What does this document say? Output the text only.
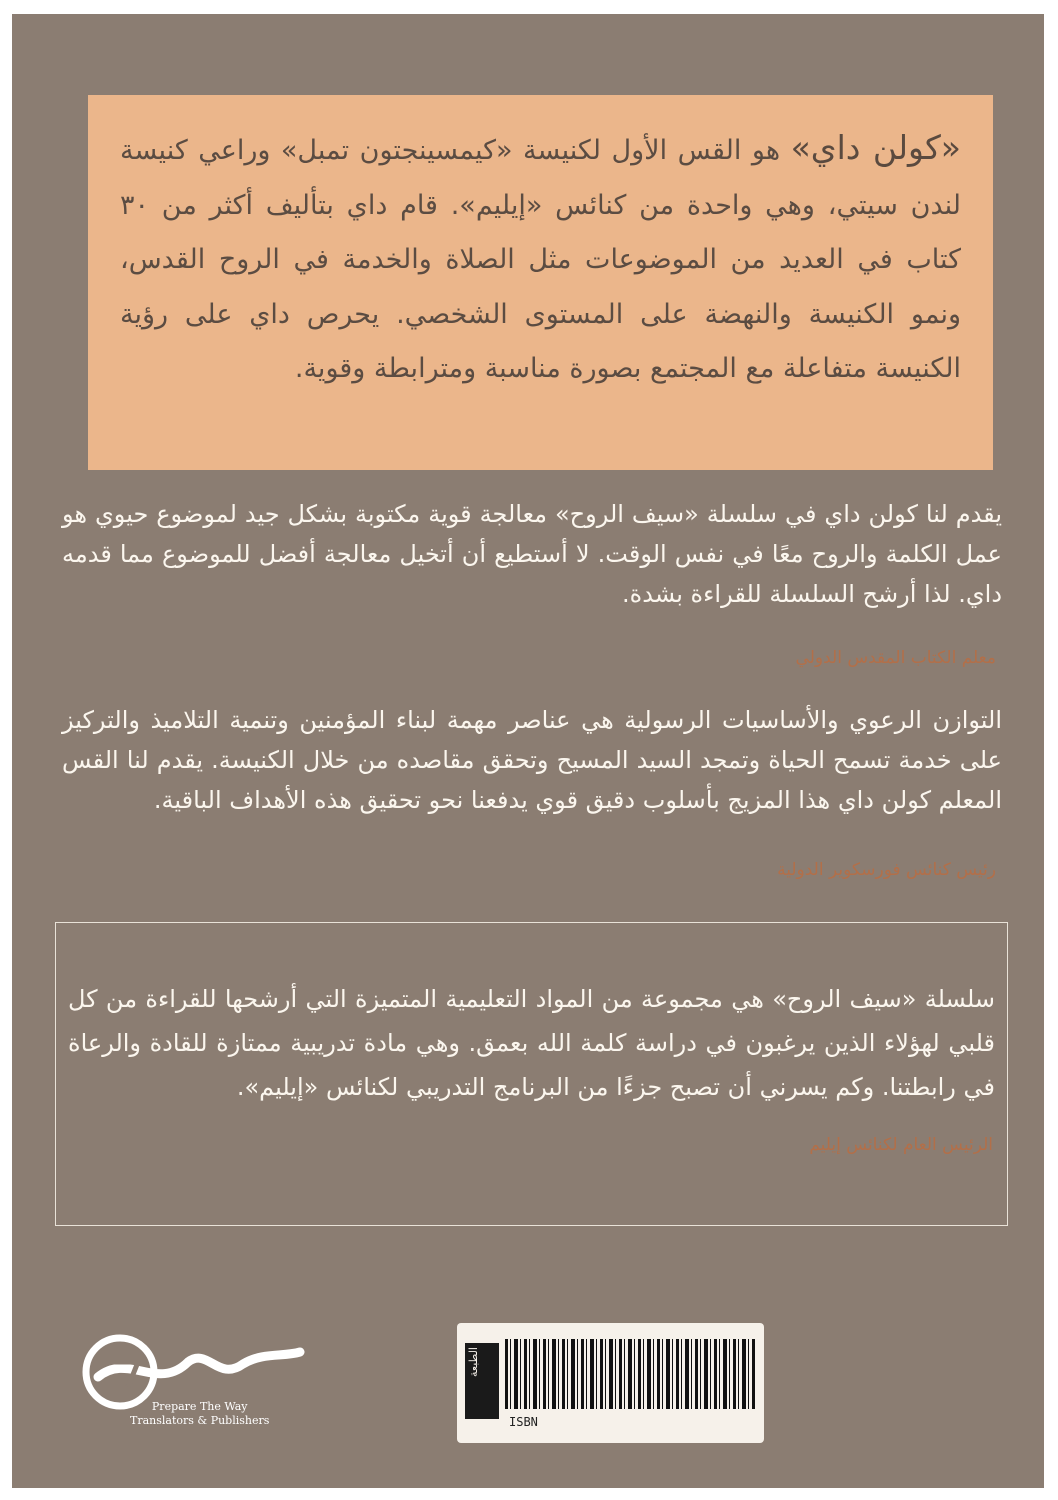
«كولن داي» هو القس الأول لكنيسة «كيمسينجتون تمبل» وراعي كنيسة لندن سيتي، وهي واحدة من كنائس «إيليم». قام داي بتأليف أكثر من ٣٠ كتاب في العديد من الموضوعات مثل الصلاة والخدمة في الروح القدس، ونمو الكنيسة والنهضة على المستوى الشخصي. يحرص داي على رؤية الكنيسة متفاعلة مع المجتمع بصورة مناسبة ومترابطة وقوية.

يقدم لنا كولن داي في سلسلة «سيف الروح» معالجة قوية مكتوبة بشكل جيد لموضوع حيوي هو عمل الكلمة والروح معًا في نفس الوقت. لا أستطيع أن أتخيل معالجة أفضل للموضوع مما قدمه داي. لذا أرشح السلسلة للقراءة بشدة.

معلم الكتاب المقدس الدولي

التوازن الرعوي والأساسيات الرسولية هي عناصر مهمة لبناء المؤمنين وتنمية التلاميذ والتركيز على خدمة تسمح الحياة وتمجد السيد المسيح وتحقق مقاصده من خلال الكنيسة. يقدم لنا القس المعلم كولن داي هذا المزيج بأسلوب دقيق قوي يدفعنا نحو تحقيق هذه الأهداف الباقية.

رئيس كنائس فورسكوير الدولية

سلسلة «سيف الروح» هي مجموعة من المواد التعليمية المتميزة التي أرشحها للقراءة من كل قلبي لهؤلاء الذين يرغبون في دراسة كلمة الله بعمق. وهي مادة تدريبية ممتازة للقادة والرعاة في رابطتنا. وكم يسرني أن تصبح جزءًا من البرنامج التدريبي لكنائس «إيليم».

الرئيس العام لكنائس إيليم

Prepare The Way
Translators & Publishers
الطبعة
ISBN
